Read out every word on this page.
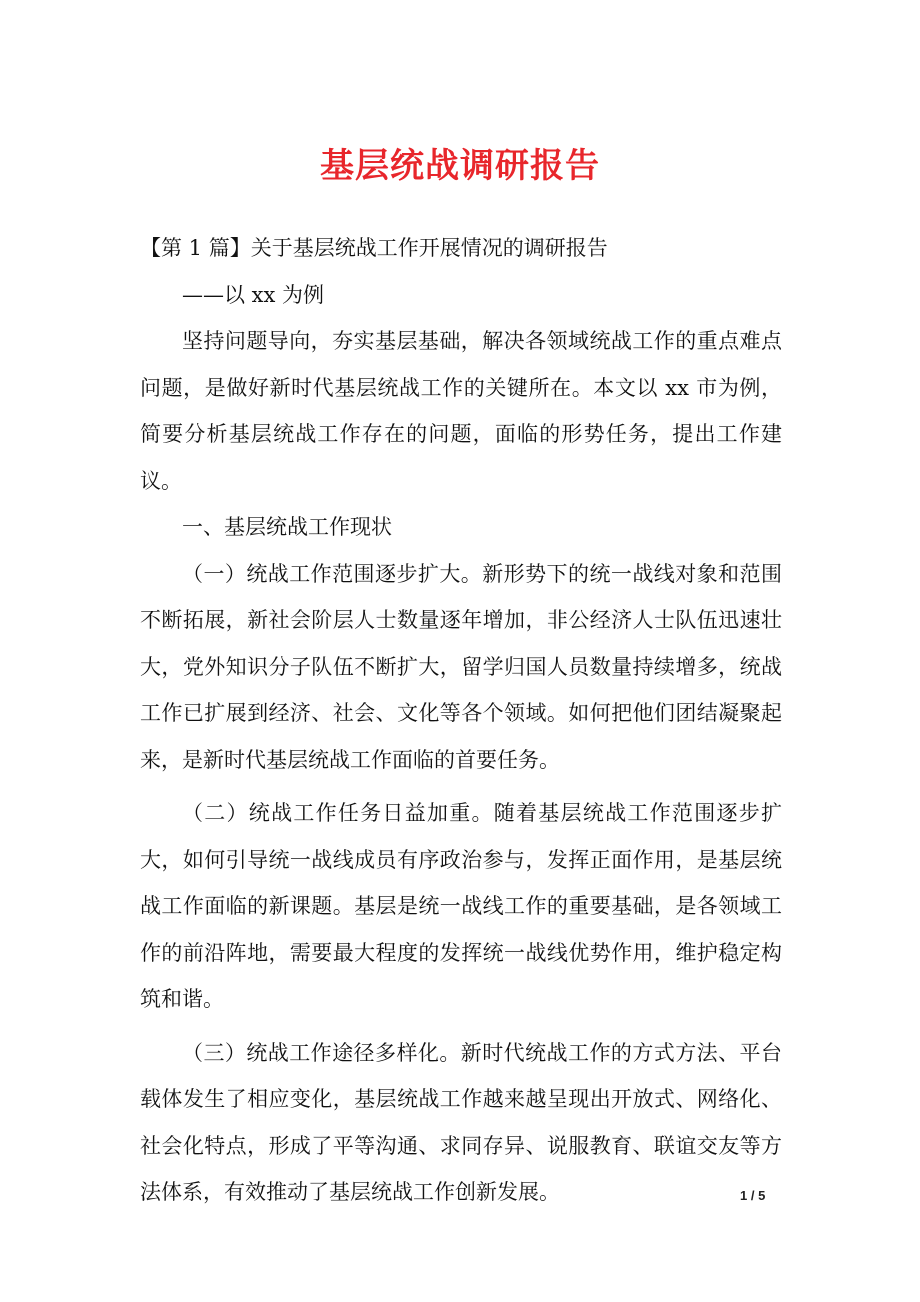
基层统战调研报告

【第 1 篇】关于基层统战工作开展情况的调研报告

——以 xx 为例

坚持问题导向，夯实基层基础，解决各领域统战工作的重点难点问题，是做好新时代基层统战工作的关键所在。本文以 xx 市为例，简要分析基层统战工作存在的问题，面临的形势任务，提出工作建议。

一、基层统战工作现状

（一）统战工作范围逐步扩大。新形势下的统一战线对象和范围不断拓展，新社会阶层人士数量逐年增加，非公经济人士队伍迅速壮大，党外知识分子队伍不断扩大，留学归国人员数量持续增多，统战工作已扩展到经济、社会、文化等各个领域。如何把他们团结凝聚起来，是新时代基层统战工作面临的首要任务。

（二）统战工作任务日益加重。随着基层统战工作范围逐步扩大，如何引导统一战线成员有序政治参与，发挥正面作用，是基层统战工作面临的新课题。基层是统一战线工作的重要基础，是各领域工作的前沿阵地，需要最大程度的发挥统一战线优势作用，维护稳定构筑和谐。

（三）统战工作途径多样化。新时代统战工作的方式方法、平台载体发生了相应变化，基层统战工作越来越呈现出开放式、网络化、社会化特点，形成了平等沟通、求同存异、说服教育、联谊交友等方法体系，有效推动了基层统战工作创新发展。	1 / 5
